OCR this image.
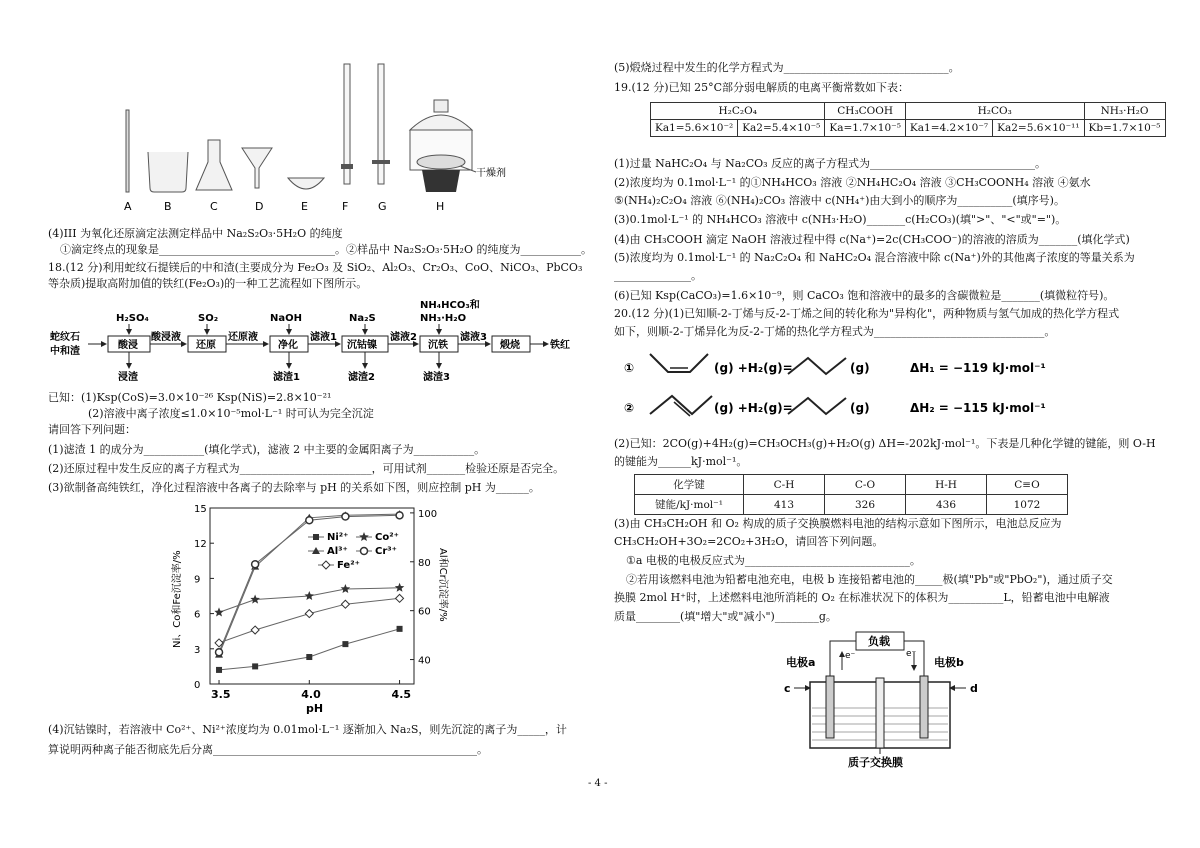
干燥剂
A	B	C	D	E	F	G	H
(4)III 为氧化还原滴定法测定样品中 Na₂S₂O₃·5H₂O 的纯度
①滴定终点的现象是________________________________。②样品中 Na₂S₂O₃·5H₂O 的纯度为___________。
18.(12 分)利用蛇纹石提镁后的中和渣(主要成分为 Fe₂O₃ 及 SiO₂、Al₂O₃、Cr₂O₃、CoO、NiCO₃、PbCO₃
等杂质)提取高附加值的铁红(Fe₂O₃)的一种工艺流程如下图所示。
蛇纹石
中和渣
酸浸	还原	净化	沉钴镍	沉铁	煅烧	铁红
酸浸液	还原液	滤液1	滤液2	滤液3
H₂SO₄	SO₂	NaOH	Na₂S
NH₄HCO₃和
NH₃·H₂O
浸渣	滤渣1	滤渣2	滤渣3
已知：(1)Ksp(CoS)=3.0×10⁻²⁶ Ksp(NiS)=2.8×10⁻²¹
(2)溶液中离子浓度≤1.0×10⁻⁵mol·L⁻¹ 时可认为完全沉淀
请回答下列问题：
(1)滤渣 1 的成分为___________(填化学式)，滤液 2 中主要的金属阳离子为___________。
(2)还原过程中发生反应的离子方程式为________________________，可用试剂_______检验还原是否完全。
(3)欲制备高纯铁红，净化过程溶液中各离子的去除率与 pH 的关系如下图，则应控制 pH 为______。
3.5	4.0	4.5
0
3
6
9
12
15
40
60
80
100
Ni²⁺	Co²⁺
Al³⁺	Cr³⁺
Fe²⁺
pH
Ni、Co和Fe沉淀率/%	Al和Cr沉淀率/%
(4)沉钴镍时，若溶液中 Co²⁺、Ni²⁺浓度均为 0.01mol·L⁻¹ 逐渐加入 Na₂S，则先沉淀的离子为_____，计
算说明两种离子能否彻底先后分离________________________________________________。
(5)煅烧过程中发生的化学方程式为______________________________。
19.(12 分)已知 25°C部分弱电解质的电离平衡常数如下表：
H₂C₂O₄		CH₃COOH	H₂CO₃		NH₃·H₂O
Ka1=5.6×10⁻²	Ka2=5.4×10⁻⁵	Ka=1.7×10⁻⁵	Ka1=4.2×10⁻⁷	Ka2=5.6×10⁻¹¹	Kb=1.7×10⁻⁵
(1)过量 NaHC₂O₄ 与 Na₂CO₃ 反应的离子方程式为______________________________。
(2)浓度均为 0.1mol·L⁻¹ 的①NH₄HCO₃ 溶液 ②NH₄HC₂O₄ 溶液 ③CH₃COONH₄ 溶液 ④氨水
⑤(NH₄)₂C₂O₄ 溶液 ⑥(NH₄)₂CO₃ 溶液中 c(NH₄⁺)由大到小的顺序为__________(填序号)。
(3)0.1mol·L⁻¹ 的 NH₄HCO₃ 溶液中 c(NH₃·H₂O)_______c(H₂CO₃)(填">"、"<"或"=")。
(4)由 CH₃COOH 滴定 NaOH 溶液过程中得 c(Na⁺)=2c(CH₃COO⁻)的溶液的溶质为_______(填化学式)
(5)浓度均为 0.1mol·L⁻¹ 的 Na₂C₂O₄ 和 NaHC₂O₄ 混合溶液中除 c(Na⁺)外的其他离子浓度的等量关系为
______________。
(6)已知 Ksp(CaCO₃)=1.6×10⁻⁹，则 CaCO₃ 饱和溶液中的最多的含碳微粒是_______(填微粒符号)。
20.(12 分)(1)已知顺-2-丁烯与反-2-丁烯之间的转化称为"异构化"，两种物质与氢气加成的热化学方程式
如下，则顺-2-丁烯异化为反-2-丁烯的热化学方程式为_______________________________。
①	(g) +H₂(g)=	(g)	ΔH₁ = −119 kJ·mol⁻¹
②	(g) +H₂(g)=	(g)	ΔH₂ = −115 kJ·mol⁻¹
(2)已知：2CO(g)+4H₂(g)=CH₃OCH₃(g)+H₂O(g) ΔH=-202kJ·mol⁻¹。下表是几种化学键的键能，则 O-H
的键能为______kJ·mol⁻¹。
化学键	C-H	C-O	H-H	C≡O
键能/kJ·mol⁻¹	413	326	436	1072
(3)由 CH₃CH₂OH 和 O₂ 构成的质子交换膜燃料电池的结构示意如下图所示，电池总反应为
CH₃CH₂OH+3O₂=2CO₂+3H₂O，请回答下列问题。
①a 电极的电极反应式为______________________________。
②若用该燃料电池为铅蓄电池充电，电极 b 连接铅蓄电池的_____极(填"Pb"或"PbO₂")，通过质子交
换膜 2mol H⁺时，上述燃料电池所消耗的 O₂ 在标准状况下的体积为__________L，铅蓄电池中电解液
质量________(填"增大"或"减小")________g。
负载
e⁻	e⁻
电极a	电极b
c	d
质子交换膜
- 4 -
